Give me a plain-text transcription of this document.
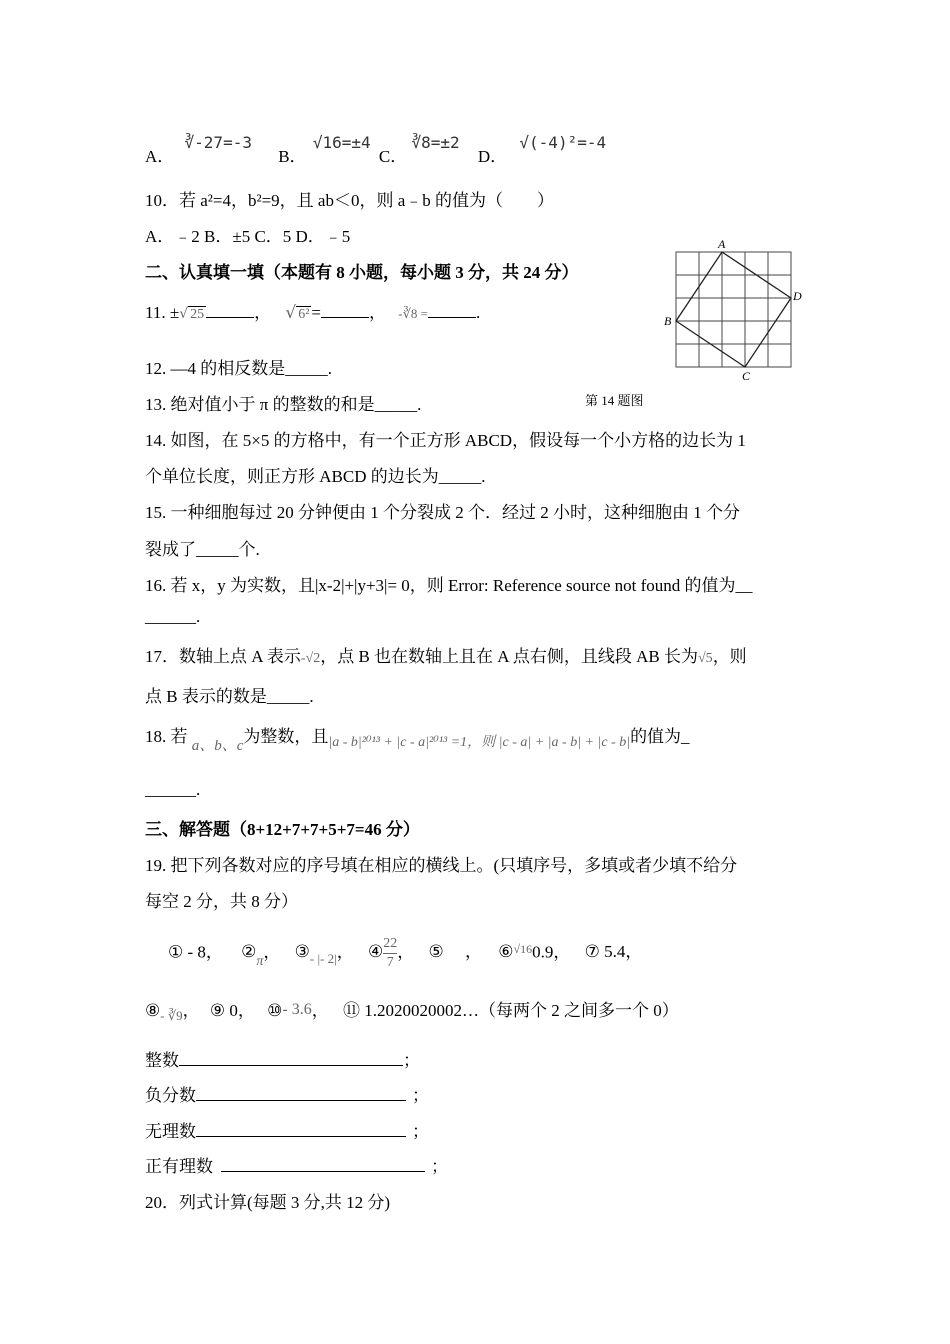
A． ∛-27=-3 B． √16=±4 C． ∛8=±2 D． √(-4)²=-4
10．若 a²=4，b²=9，且 ab＜0，则 a﹣b 的值为（　　）
A．﹣2 B．±5 C．5 D．﹣5
二、认真填一填（本题有 8 小题，每小题 3 分，共 24 分）
A
D
C
B
第 14 题图
11. ±√ 25	， √ 6² =	， -∛8 =	.
12. —4 的相反数是_____.
13. 绝对值小于 π 的整数的和是_____.
14. 如图，在 5×5 的方格中，有一个正方形 ABCD，假设每一个小方格的边长为 1
个单位长度，则正方形 ABCD 的边长为_____.
15. 一种细胞每过 20 分钟便由 1 个分裂成 2 个．经过 2 小时，这种细胞由 1 个分
裂成了_____个.
16. 若 x，y 为实数，且|x-2|+|y+3|= 0，则 Error: Reference source not found 的值为__
______.
17．数轴上点 A 表示-√2，点 B 也在数轴上且在 A 点右侧，且线段 AB 长为√5，则
点 B 表示的数是_____.
18. 若 a、b、c为整数，且$_{|a - b|^{2013} + |c - a|^{2013} =1,则 |c - a| + |a - b| + |c - b|}$的值为_
______.
三、解答题（8+12+7+7+5+7=46 分）
19. 把下列各数对应的序号填在相应的横线上。(只填序号，多填或者少填不给分
每空 2 分，共 8 分）
① - 8， $②_\pi$， $③_{- |- 2|}$， ④ $\frac{22}{7}$ ， ⑤　 ， ⑥$^{√16}$0.9， ⑦ 5.4，
$⑧_{- ∛9}$， ⑨ 0， ⑩- 3.6， ⑪ 1.2020020002…（每两个 2 之间多一个 0）
整数	；
负分数	；
无理数	；
正有理数	；
20．列式计算(每题 3 分,共 12 分)
